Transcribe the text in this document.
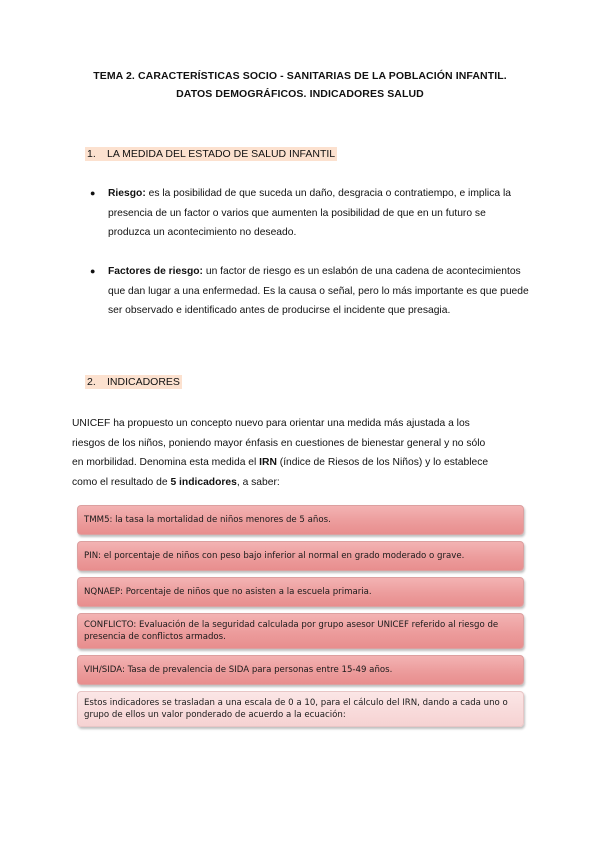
TEMA 2. CARACTERÍSTICAS SOCIO - SANITARIAS DE LA POBLACIÓN INFANTIL.
DATOS DEMOGRÁFICOS. INDICADORES SALUD
1. LA MEDIDA DEL ESTADO DE SALUD INFANTIL
● Riesgo: es la posibilidad de que suceda un daño, desgracia o contratiempo, e implica la presencia de un factor o varios que aumenten la posibilidad de que en un futuro se produzca un acontecimiento no deseado.
● Factores de riesgo: un factor de riesgo es un eslabón de una cadena de acontecimientos que dan lugar a una enfermedad. Es la causa o señal, pero lo más importante es que puede ser observado e identificado antes de producirse el incidente que presagia.
2. INDICADORES
UNICEF ha propuesto un concepto nuevo para orientar una medida más ajustada a los
riesgos de los niños, poniendo mayor énfasis en cuestiones de bienestar general y no sólo
en morbilidad. Denomina esta medida el IRN (índice de Riesos de los Niños) y lo establece
como el resultado de 5 indicadores, a saber:
TMM5: la tasa la mortalidad de niños menores de 5 años.
PIN: el porcentaje de niños con peso bajo inferior al normal en grado moderado o grave.
NQNAEP: Porcentaje de niños que no asisten a la escuela primaria.
CONFLICTO: Evaluación de la seguridad calculada por grupo asesor UNICEF referido al riesgo de presencia de conflictos armados.
VIH/SIDA: Tasa de prevalencia de SIDA para personas entre 15-49 años.
Estos indicadores se trasladan a una escala de 0 a 10, para el cálculo del IRN, dando a cada uno o grupo de ellos un valor ponderado de acuerdo a la ecuación:
